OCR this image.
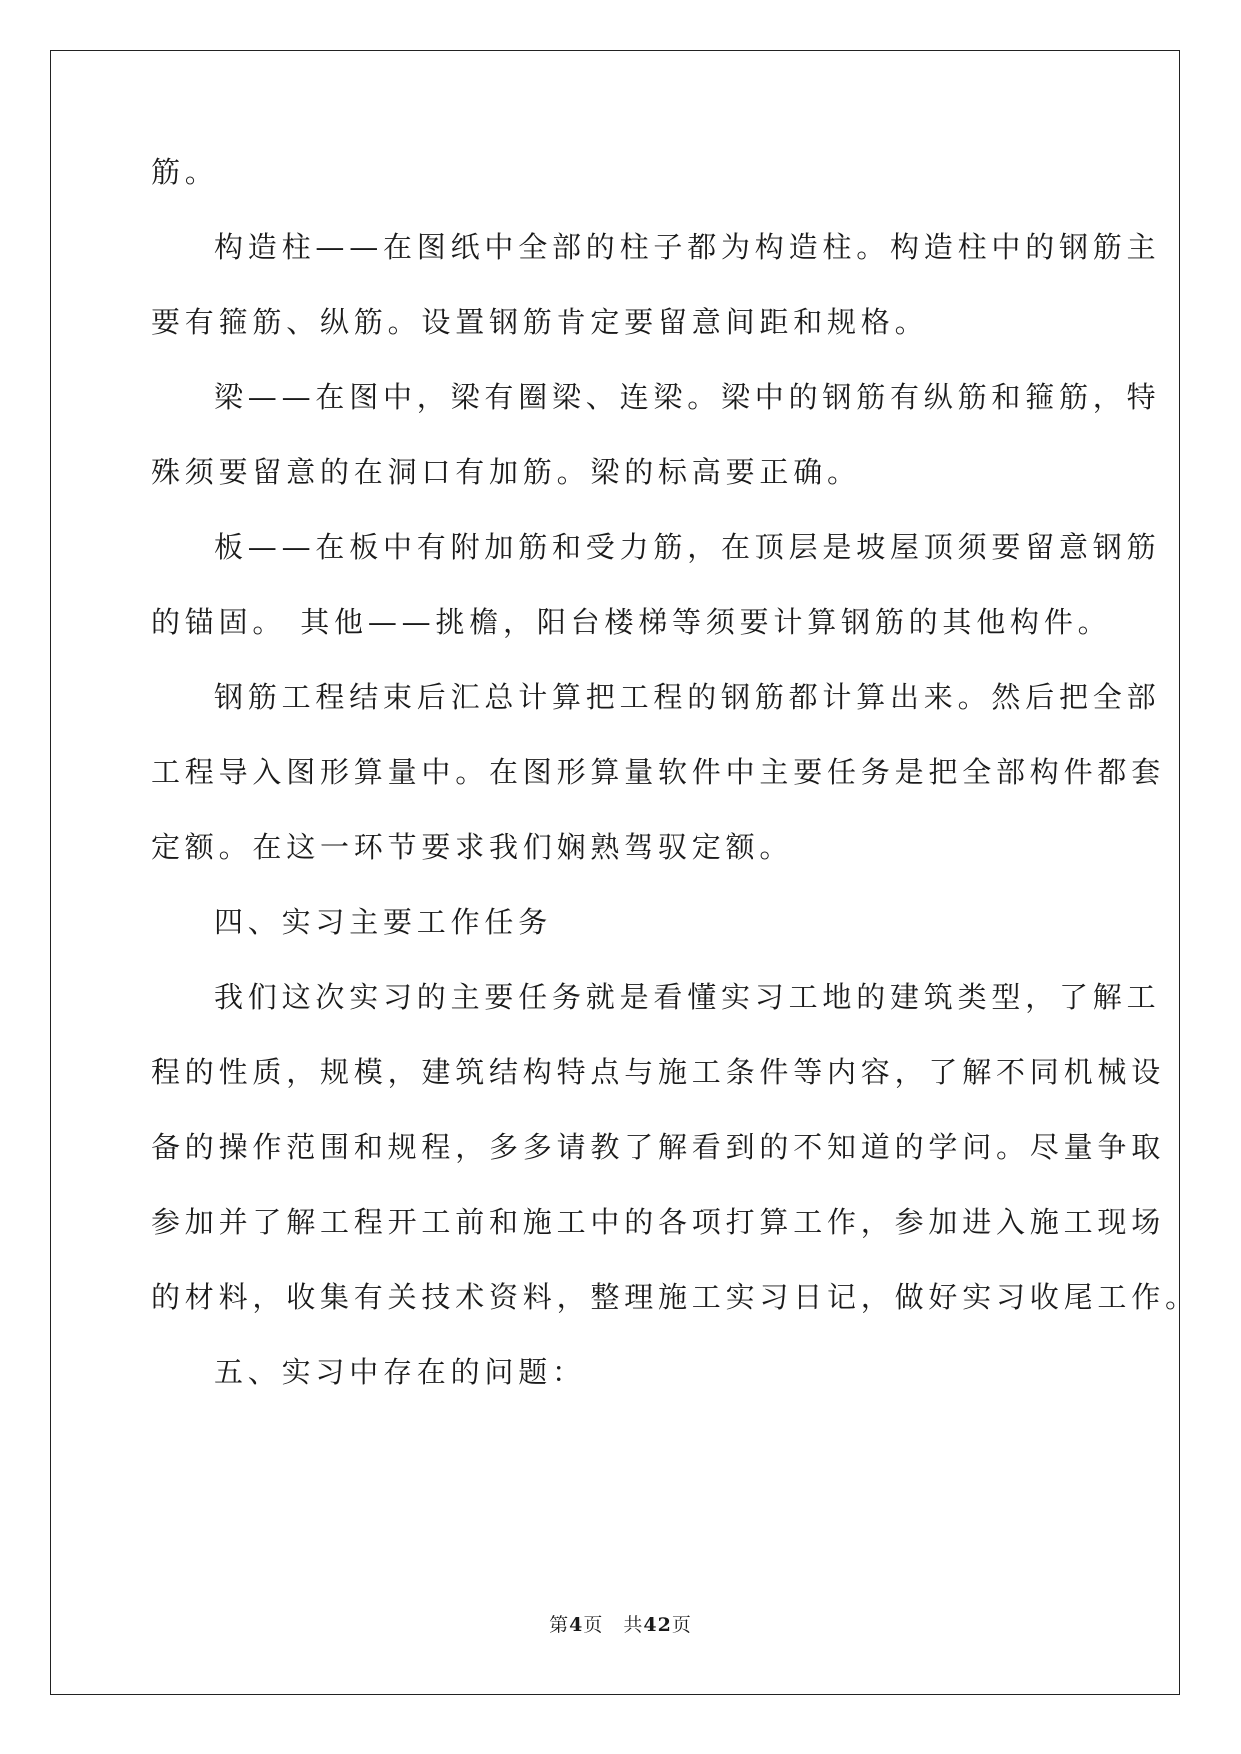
筋。
构造柱——在图纸中全部的柱子都为构造柱。构造柱中的钢筋主
要有箍筋、纵筋。设置钢筋肯定要留意间距和规格。
梁——在图中，梁有圈梁、连梁。梁中的钢筋有纵筋和箍筋，特
殊须要留意的在洞口有加筋。梁的标高要正确。
板——在板中有附加筋和受力筋，在顶层是坡屋顶须要留意钢筋
的锚固。 其他——挑檐，阳台楼梯等须要计算钢筋的其他构件。
钢筋工程结束后汇总计算把工程的钢筋都计算出来。然后把全部
工程导入图形算量中。在图形算量软件中主要任务是把全部构件都套
定额。在这一环节要求我们娴熟驾驭定额。
四、实习主要工作任务
我们这次实习的主要任务就是看懂实习工地的建筑类型，了解工
程的性质，规模，建筑结构特点与施工条件等内容，了解不同机械设
备的操作范围和规程，多多请教了解看到的不知道的学问。尽量争取
参加并了解工程开工前和施工中的各项打算工作，参加进入施工现场
的材料，收集有关技术资料，整理施工实习日记，做好实习收尾工作。
五、实习中存在的问题：
第4页 共42页
